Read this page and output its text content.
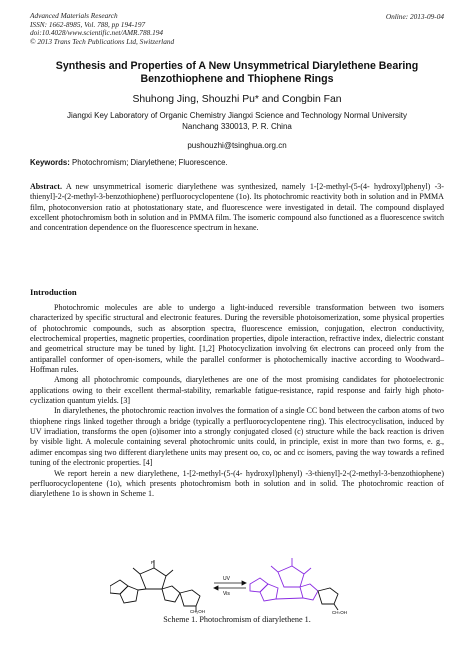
Advanced Materials Research
ISSN: 1662-8985, Vol. 788, pp 194-197
doi:10.4028/www.scientific.net/AMR.788.194
© 2013 Trans Tech Publications Ltd, Switzerland
Online: 2013-09-04
Synthesis and Properties of A New Unsymmetrical Diarylethene Bearing
Benzothiophene and Thiophene Rings
Shuhong Jing, Shouzhi Pu* and Congbin Fan
Jiangxi Key Laboratory of Organic Chemistry Jiangxi Science and Technology Normal University
Nanchang 330013, P. R. China
pushouzhi@tsinghua.org.cn
Keywords: Photochromism; Diarylethene; Fluorescence.

Abstract. A new unsymmetrical isomeric diarylethene was synthesized, namely 1-[2-methyl-(5-(4- hydroxyl)phenyl) -3-thienyl]-2-(2-methyl-3-benzothiophene) perfluorocyclopentene (1o). Its photochromic reactivity both in solution and in PMMA film, photoconversion ratio at photostationary state, and fluorescence were investigated in detail. The compound displayed excellent photochromism both in solution and in PMMA film. The isomeric compound also functioned as a fluorescence switch and concentration dependence on the fluorescence spectrum in hexane.

Introduction

Photochromic molecules are able to undergo a light-induced reversible transformation between two isomers characterized by specific structural and electronic features. During the reversible photoisomerization, some physical properties of photochromic compounds, such as absorption spectra, fluorescence emission, conjugation, electron conductivity, electrochemical properties, magnetic properties, coordination properties, dipole interaction, refractive index, dielectric constant and geometrical structure may be tuned by light. [1,2] Photocyclization involving 6π electrons can proceed only from the antiparallel conformer of open-isomers, while the parallel conformer is photochemically inactive according to Woodward– Hoffman rules.

Among all photochromic compounds, diarylethenes are one of the most promising candidates for photoelectronic applications owing to their excellent thermal-stability, remarkable fatigue-resistance, rapid response and fairly high photo-cyclization quantum yields. [3]

In diarylethenes, the photochromic reaction involves the formation of a single CC bond between the carbon atoms of two thiophene rings linked together through a bridge (typically a perfluorocyclopentene ring). This electrocyclisation, induced by UV irradiation, transforms the open (o)isomer into a strongly conjugated closed (c) structure while the back reaction is driven by visible light. A molecule containing several photochromic units could, in principle, exist in more than two forms, e. g., adimer encompas sing two different diarylethene units may present oo, co, oc and cc isomers, paving the way towards a refined tuning of the electronic properties. [4]

We report herein a new diarylethene, 1-[2-methyl-(5-(4- hydroxyl)phenyl) -3-thienyl]-2-(2-methyl-3-benzothiophene) perfluorocyclopentene (1o), which presents photochromism both in solution and in solid. The photochromic reaction of diarylethene 1o is shown in Scheme 1.

F
CH₂OH
UV
Vis
CH₂OH
Scheme 1. Photochromism of diarylethene 1.
